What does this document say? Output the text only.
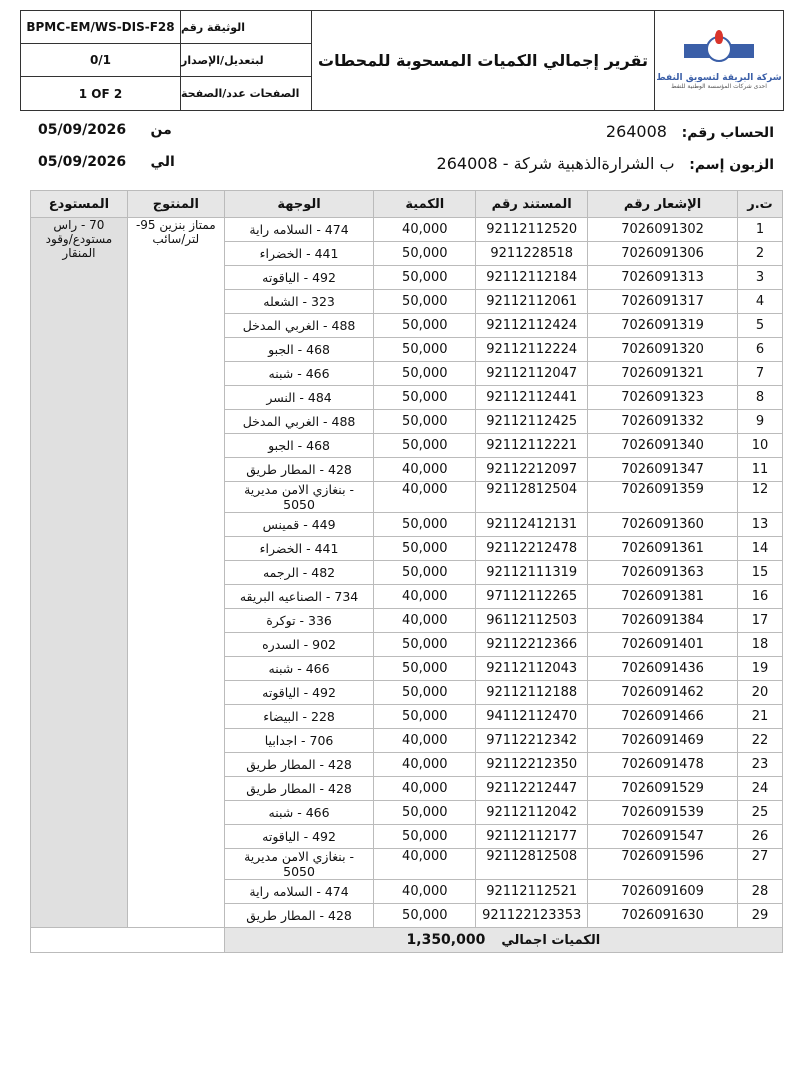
BPMC-EM/WS-DIS-F28 الوثيقة رقم
0/1	لبتعديل/الإصدار
1 OF 2	الصفحات عدد/الصفحة
تقرير إجمالي الكميات المسحوبة للمحطات
شركة البريقة لتسويق النفط
احدى شركات المؤسسة الوطنية للنفط
الحساب رقم:   264008
الزبون إسم:   ب الشرارةالذهبية شركة - 264008
05/09/2026 من
05/09/2026 الي
المستودع	المنتوج	الوجهة	الكمية	المستند رقم	الإشعار رقم	ت.ر
70 - راس مستودع/وقود المنقار	ممتاز بنزين 95- لتر/سائب	474 - السلامه راية	40,000	92112112520	7026091302	1
		441 - الخضراء	50,000	9211228518	7026091306	2
		492 - الياقوته	50,000	92112112184	7026091313	3
		323 - الشعله	50,000	92112112061	7026091317	4
		488 - الغربي المدخل	50,000	92112112424	7026091319	5
		468 - الجبو	50,000	92112112224	7026091320	6
		466 - شبنه	50,000	92112112047	7026091321	7
		484 - النسر	50,000	92112112441	7026091323	8
		488 - الغربي المدخل	50,000	92112112425	7026091332	9
		468 - الجبو	50,000	92112112221	7026091340	10
		428 - المطار طريق	40,000	92112212097	7026091347	11
		- بنغازي الامن مديرية 5050	40,000	92112812504	7026091359	12
		449 - قمينس	50,000	92112412131	7026091360	13
		441 - الخضراء	50,000	92112212478	7026091361	14
		482 - الرجمه	50,000	92112111319	7026091363	15
		734 - الصناعيه البريقه	40,000	97112112265	7026091381	16
		336 - توكرة	40,000	96112112503	7026091384	17
		902 - السدره	50,000	92112212366	7026091401	18
		466 - شبنه	50,000	92112112043	7026091436	19
		492 - الياقوته	50,000	92112112188	7026091462	20
		228 - البيضاء	50,000	94112112470	7026091466	21
		706 - اجدابيا	40,000	97112212342	7026091469	22
		428 - المطار طريق	40,000	92112212350	7026091478	23
		428 - المطار طريق	40,000	92112212447	7026091529	24
		466 - شبنه	50,000	92112112042	7026091539	25
		492 - الياقوته	50,000	92112112177	7026091547	26
		- بنغازي الامن مديرية 5050	40,000	92112812508	7026091596	27
		474 - السلامه راية	40,000	92112112521	7026091609	28
		428 - المطار طريق	50,000	921122123353	7026091630	29
		1,350,000 الكميات اجمالي				
